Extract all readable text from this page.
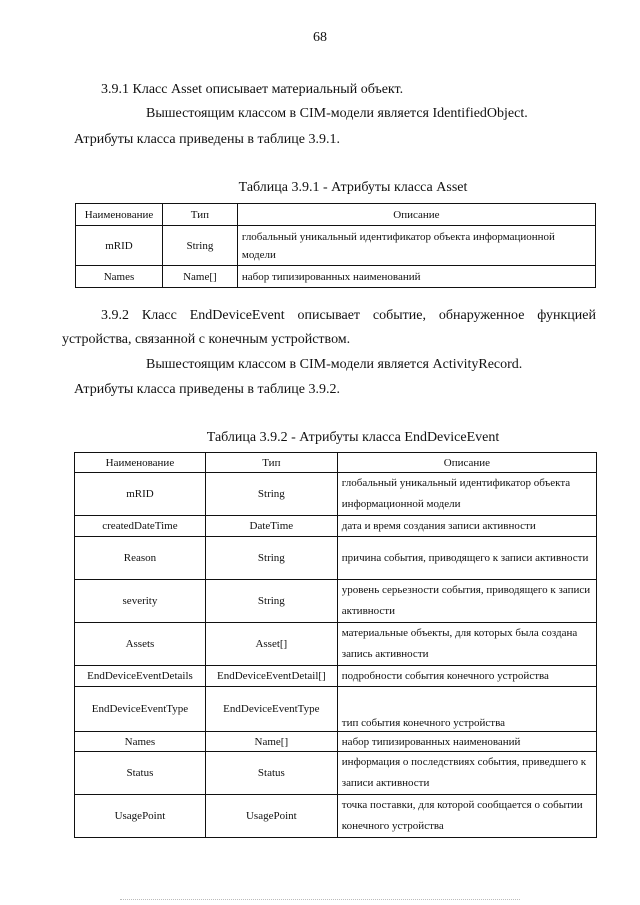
68

3.9.1 Класс Asset описывает материальный объект.

Вышестоящим классом в CIM-модели является IdentifiedObject.

Атрибуты класса приведены в таблице 3.9.1.

Таблица 3.9.1 - Атрибуты класса Asset
Наименование	Тип	Описание
mRID	String	глобальный уникальный идентификатор объекта информационной модели
Names	Name[]	набор типизированных наименований

3.9.2 Класс EndDeviceEvent описывает событие, обнаруженное функцией

устройства, связанной с конечным устройством.

Вышестоящим классом в CIM-модели является ActivityRecord.

Атрибуты класса приведены в таблице 3.9.2.

Таблица 3.9.2 - Атрибуты класса EndDeviceEvent
Наименование	Тип	Описание
mRID	String	глобальный уникальный идентификатор объекта информационной модели
createdDateTime	DateTime	дата и время создания записи активности
Reason	String	причина события, приводящего к записи активности
severity	String	уровень серьезности события, приводящего к записи активности
Assets	Asset[]	материальные объекты, для которых была создана запись активности
EndDeviceEventDetails	EndDeviceEventDetail[]	подробности события конечного устройства
EndDeviceEventType	EndDeviceEventType	тип события конечного устройства
Names	Name[]	набор типизированных наименований
Status	Status	информация о последствиях события, приведшего к записи активности
UsagePoint	UsagePoint	точка поставки, для которой сообщается о событии конечного устройства
